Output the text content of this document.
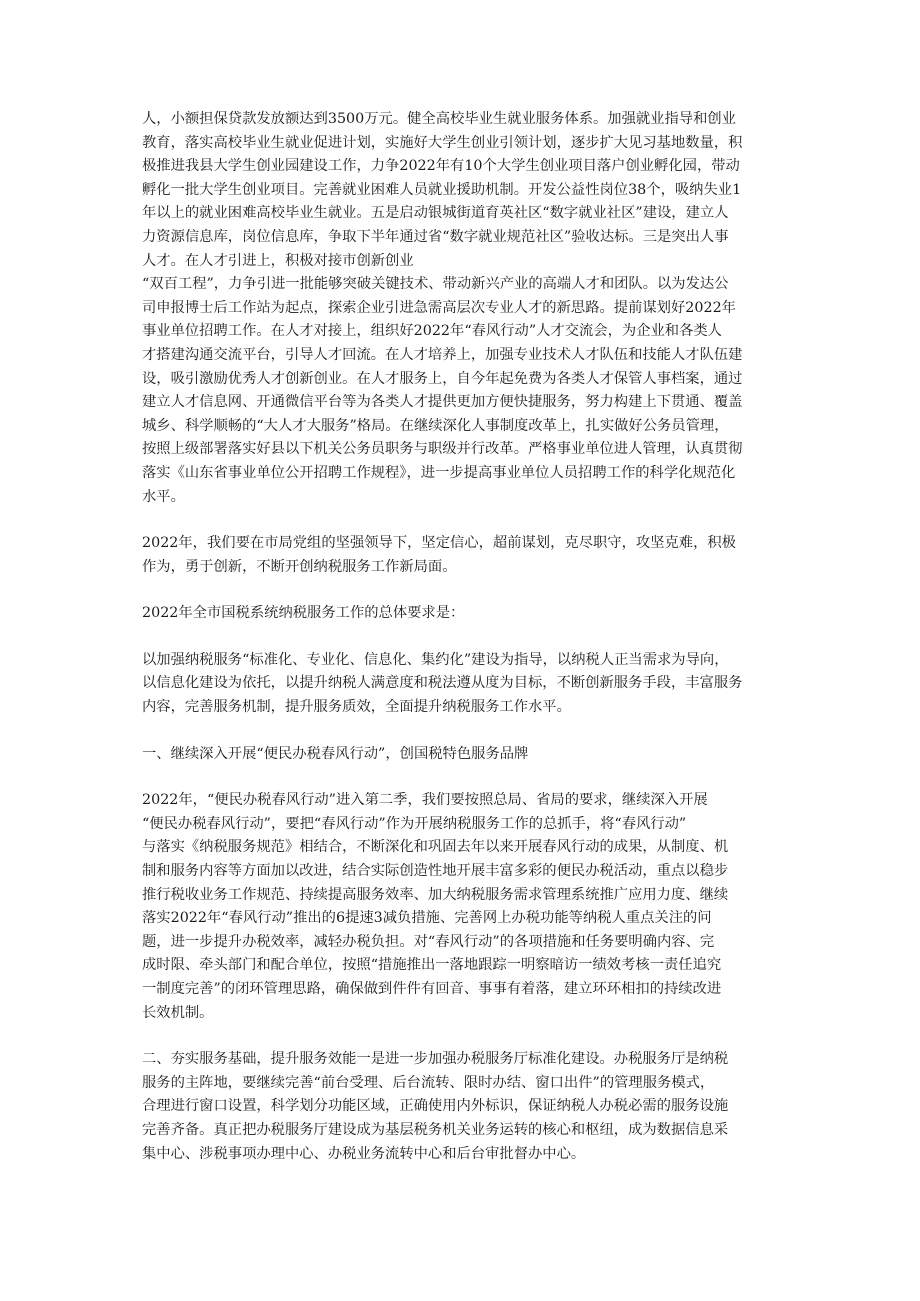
人，小额担保贷款发放额达到3500万元。健全高校毕业生就业服务体系。加强就业指导和创业
教育，落实高校毕业生就业促进计划，实施好大学生创业引领计划，逐步扩大见习基地数量，积
极推进我县大学生创业园建设工作，力争2022年有10个大学生创业项目落户创业孵化园，带动
孵化一批大学生创业项目。完善就业困难人员就业援助机制。开发公益性岗位38个，吸纳失业1
年以上的就业困难高校毕业生就业。五是启动银城街道育英社区“数字就业社区”建设，建立人
力资源信息库，岗位信息库，争取下半年通过省“数字就业规范社区”验收达标。三是突出人事
人才。在人才引进上，积极对接市创新创业
“双百工程”，力争引进一批能够突破关键技术、带动新兴产业的高端人才和团队。以为发达公
司申报博士后工作站为起点，探索企业引进急需高层次专业人才的新思路。提前谋划好2022年
事业单位招聘工作。在人才对接上，组织好2022年“春风行动”人才交流会，为企业和各类人
才搭建沟通交流平台，引导人才回流。在人才培养上，加强专业技术人才队伍和技能人才队伍建
设，吸引激励优秀人才创新创业。在人才服务上，自今年起免费为各类人才保管人事档案，通过
建立人才信息网、开通微信平台等为各类人才提供更加方便快捷服务，努力构建上下贯通、覆盖
城乡、科学顺畅的“大人才大服务”格局。在继续深化人事制度改革上，扎实做好公务员管理，
按照上级部署落实好县以下机关公务员职务与职级并行改革。严格事业单位进人管理，认真贯彻
落实《山东省事业单位公开招聘工作规程》，进一步提高事业单位人员招聘工作的科学化规范化
水平。
2022年，我们要在市局党组的坚强领导下，坚定信心，超前谋划，克尽职守，攻坚克难，积极
作为，勇于创新，不断开创纳税服务工作新局面。
2022年全市国税系统纳税服务工作的总体要求是：
以加强纳税服务“标准化、专业化、信息化、集约化”建设为指导，以纳税人正当需求为导向，
以信息化建设为依托，以提升纳税人满意度和税法遵从度为目标，不断创新服务手段，丰富服务
内容，完善服务机制，提升服务质效，全面提升纳税服务工作水平。
一、继续深入开展“便民办税春风行动”，创国税特色服务品牌
2022年，“便民办税春风行动”进入第二季，我们要按照总局、省局的要求，继续深入开展
“便民办税春风行动”，要把“春风行动”作为开展纳税服务工作的总抓手，将“春风行动”
与落实《纳税服务规范》相结合，不断深化和巩固去年以来开展春风行动的成果，从制度、机
制和服务内容等方面加以改进，结合实际创造性地开展丰富多彩的便民办税活动，重点以稳步
推行税收业务工作规范、持续提高服务效率、加大纳税服务需求管理系统推广应用力度、继续
落实2022年“春风行动”推出的6提速3减负措施、完善网上办税功能等纳税人重点关注的问
题，进一步提升办税效率，减轻办税负担。对“春风行动”的各项措施和任务要明确内容、完
成时限、牵头部门和配合单位，按照“措施推出一落地跟踪一明察暗访一绩效考核一责任追究
一制度完善”的闭环管理思路，确保做到件件有回音、事事有着落，建立环环相扣的持续改进
长效机制。
二、夯实服务基础，提升服务效能一是进一步加强办税服务厅标准化建设。办税服务厅是纳税
服务的主阵地，要继续完善“前台受理、后台流转、限时办结、窗口出件”的管理服务模式，
合理进行窗口设置，科学划分功能区域，正确使用内外标识，保证纳税人办税必需的服务设施
完善齐备。真正把办税服务厅建设成为基层税务机关业务运转的核心和枢纽，成为数据信息采
集中心、涉税事项办理中心、办税业务流转中心和后台审批督办中心。
